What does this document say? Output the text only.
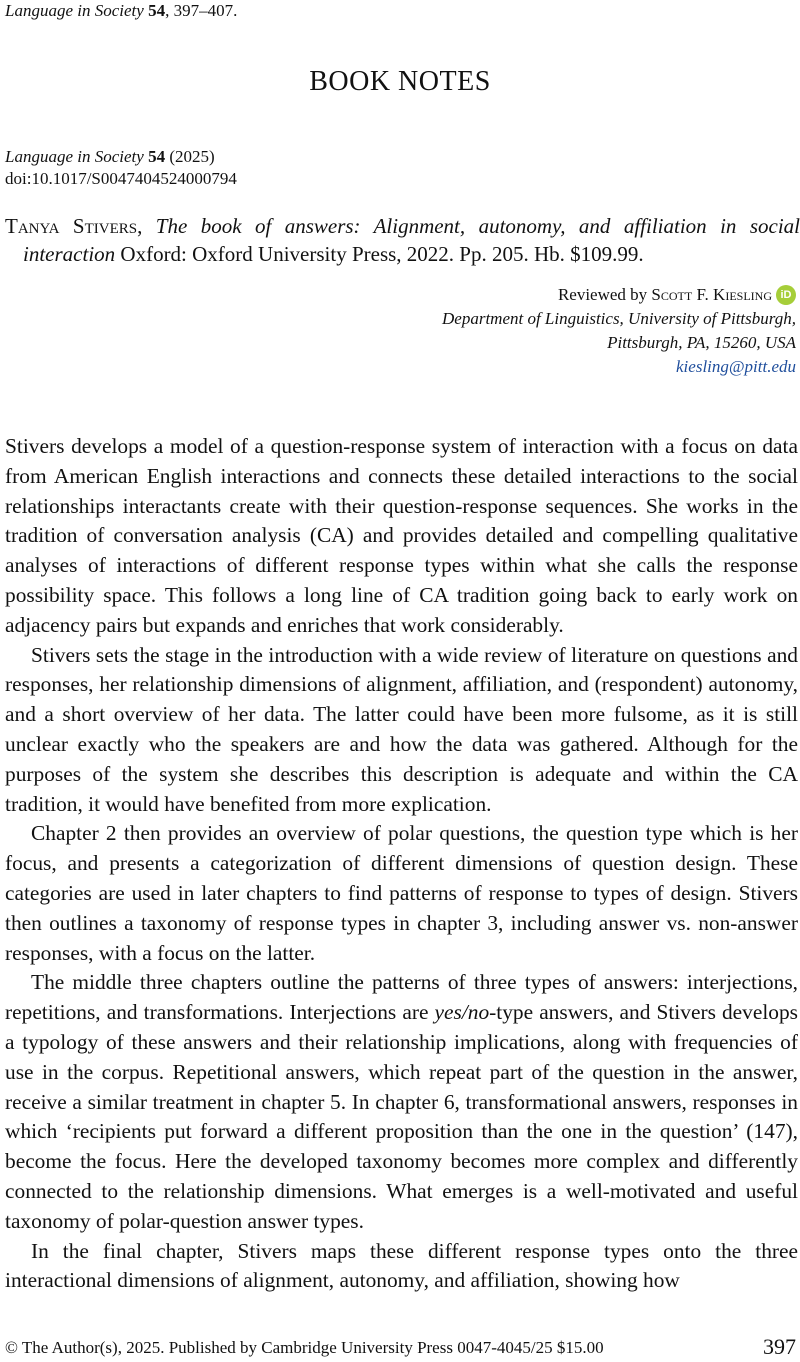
Language in Society 54, 397–407.
BOOK NOTES
Language in Society 54 (2025)
doi:10.1017/S0047404524000794
Tanya Stivers, The book of answers: Alignment, autonomy, and affiliation in social interaction Oxford: Oxford University Press, 2022. Pp. 205. Hb. $109.99.
Reviewed by
Scott F. Kiesling iD
Department of Linguistics, University of Pittsburgh,
Pittsburgh, PA, 15260, USA
kiesling@pitt.edu

Stivers develops a model of a question-response system of interaction with a focus on data from American English interactions and connects these detailed interactions to the social relationships interactants create with their question-response sequences. She works in the tradition of conversation analysis (CA) and provides detailed and compelling qualitative analyses of interactions of different response types within what she calls the response possibility space. This follows a long line of CA tradition going back to early work on adjacency pairs but expands and enriches that work considerably.

Stivers sets the stage in the introduction with a wide review of literature on questions and responses, her relationship dimensions of alignment, affiliation, and (respondent) autonomy, and a short overview of her data. The latter could have been more fulsome, as it is still unclear exactly who the speakers are and how the data was gathered. Although for the purposes of the system she describes this description is adequate and within the CA tradition, it would have benefited from more explication.

Chapter 2 then provides an overview of polar questions, the question type which is her focus, and presents a categorization of different dimensions of question design. These categories are used in later chapters to find patterns of response to types of design. Stivers then outlines a taxonomy of response types in chapter 3, including answer vs. non-answer responses, with a focus on the latter.

The middle three chapters outline the patterns of three types of answers: interjections, repetitions, and transformations. Interjections are yes/no-type answers, and Stivers develops a typology of these answers and their relationship implications, along with frequencies of use in the corpus. Repetitional answers, which repeat part of the question in the answer, receive a similar treatment in chapter 5. In chapter 6, transformational answers, responses in which ‘recipients put forward a different proposition than the one in the question’ (147), become the focus. Here the developed taxonomy becomes more complex and differently connected to the relationship dimensions. What emerges is a well-motivated and useful taxonomy of polar-question answer types.

In the final chapter, Stivers maps these different response types onto the three interactional dimensions of alignment, autonomy, and affiliation, showing how

© The Author(s), 2025. Published by Cambridge University Press 0047-4045/25 $15.00	397
